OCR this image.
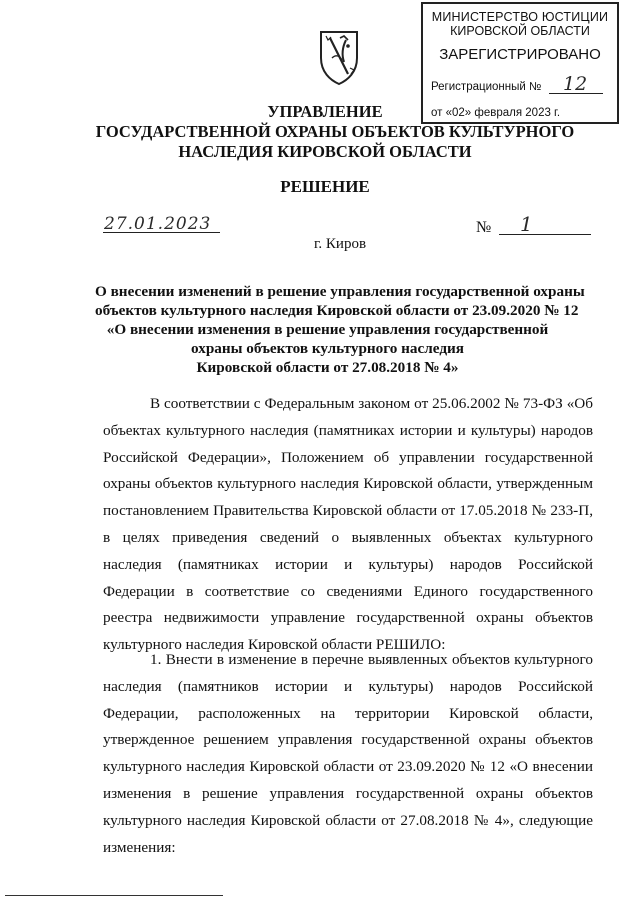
МИНИСТЕРСТВО ЮСТИЦИИ
КИРОВСКОЙ ОБЛАСТИ
ЗАРЕГИСТРИРОВАНО
Регистрационный № 12
от «02» февраля 2023 г.
УПРАВЛЕНИЕ
ГОСУДАРСТВЕННОЙ ОХРАНЫ ОБЪЕКТОВ КУЛЬТУРНОГО
НАСЛЕДИЯ КИРОВСКОЙ ОБЛАСТИ
РЕШЕНИЕ
27.01.2023	№ 1
г. Киров
О внесении изменений в решение управления государственной охраны
объектов культурного наследия Кировской области от 23.09.2020 № 12
«О внесении изменения в решение управления государственной
охраны объектов культурного наследия
Кировской области от 27.08.2018 № 4»
В соответствии с Федеральным законом от 25.06.2002 № 73-ФЗ «Об объектах культурного наследия (памятниках истории и культуры) народов Российской Федерации», Положением об управлении государственной охраны объектов культурного наследия Кировской области, утвержденным постановлением Правительства Кировской области от 17.05.2018 № 233-П, в целях приведения сведений о выявленных объектах культурного наследия (памятниках истории и культуры) народов Российской Федерации в соответствие со сведениями Единого государственного реестра недвижимости управление государственной охраны объектов культурного наследия Кировской области РЕШИЛО:
1. Внести в изменение в перечне выявленных объектов культурного наследия (памятников истории и культуры) народов Российской Федерации, расположенных на территории Кировской области, утвержденное решением управления государственной охраны объектов культурного наследия Кировской области от 23.09.2020 № 12 «О внесении изменения в решение управления государственной охраны объектов культурного наследия Кировской области от 27.08.2018 № 4», следующие изменения:
